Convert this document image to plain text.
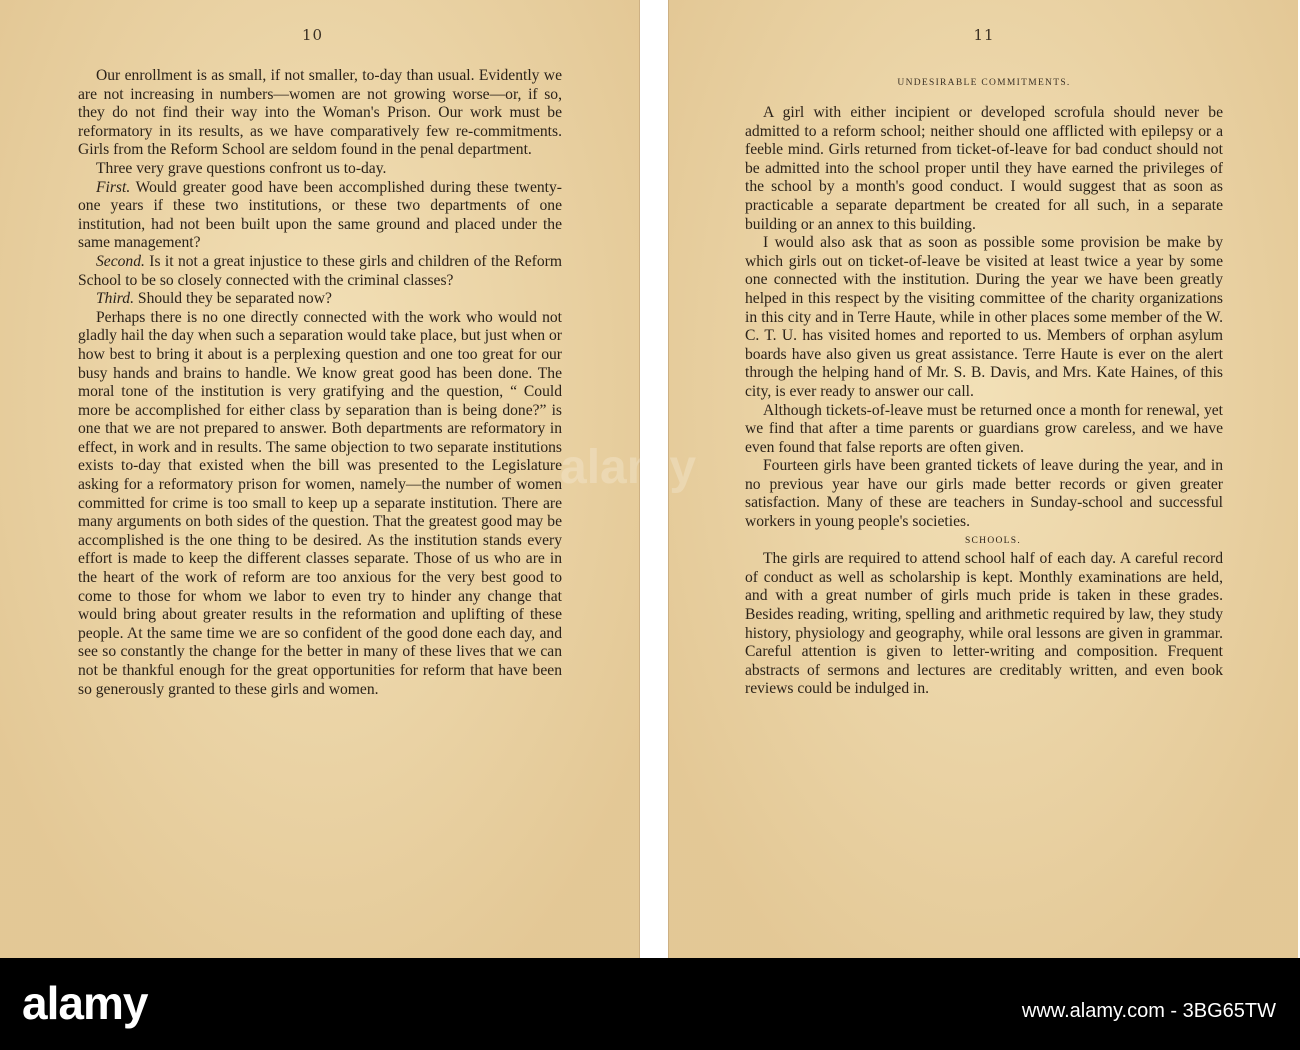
10

Our enrollment is as small, if not smaller, to-day than usual. Evidently we are not increasing in numbers—women are not growing worse—or, if so, they do not find their way into the Woman's Prison. Our work must be reformatory in its results, as we have comparatively few re-commitments. Girls from the Reform School are seldom found in the penal department.

Three very grave questions confront us to-day.

First. Would greater good have been accomplished during these twenty-one years if these two institutions, or these two departments of one institution, had not been built upon the same ground and placed under the same management?

Second. Is it not a great injustice to these girls and children of the Reform School to be so closely connected with the criminal classes?

Third. Should they be separated now?

Perhaps there is no one directly connected with the work who would not gladly hail the day when such a separation would take place, but just when or how best to bring it about is a perplexing question and one too great for our busy hands and brains to handle. We know great good has been done. The moral tone of the institution is very gratifying and the question, “ Could more be accomplished for either class by separation than is being done?” is one that we are not prepared to answer. Both departments are reformatory in effect, in work and in results. The same objection to two separate institutions exists to-day that existed when the bill was presented to the Legislature asking for a reformatory prison for women, namely—the number of women committed for crime is too small to keep up a separate institution. There are many arguments on both sides of the question. That the greatest good may be accomplished is the one thing to be desired. As the institution stands every effort is made to keep the different classes separate. Those of us who are in the heart of the work of reform are too anxious for the very best good to come to those for whom we labor to even try to hinder any change that would bring about greater results in the reformation and uplifting of these people. At the same time we are so confident of the good done each day, and see so constantly the change for the better in many of these lives that we can not be thankful enough for the great opportunities for reform that have been so generously granted to these girls and women.

11
UNDESIRABLE COMMITMENTS.

A girl with either incipient or developed scrofula should never be admitted to a reform school; neither should one afflicted with epilepsy or a feeble mind. Girls returned from ticket-of-leave for bad conduct should not be admitted into the school proper until they have earned the privileges of the school by a month's good conduct. I would suggest that as soon as practicable a separate department be created for all such, in a separate building or an annex to this building.

I would also ask that as soon as possible some provision be make by which girls out on ticket-of-leave be visited at least twice a year by some one connected with the institution. During the year we have been greatly helped in this respect by the visiting committee of the charity organizations in this city and in Terre Haute, while in other places some member of the W. C. T. U. has visited homes and reported to us. Members of orphan asylum boards have also given us great assistance. Terre Haute is ever on the alert through the helping hand of Mr. S. B. Davis, and Mrs. Kate Haines, of this city, is ever ready to answer our call.

Although tickets-of-leave must be returned once a month for renewal, yet we find that after a time parents or guardians grow careless, and we have even found that false reports are often given.

Fourteen girls have been granted tickets of leave during the year, and in no previous year have our girls made better records or given greater satisfaction. Many of these are teachers in Sunday-school and successful workers in young people's societies.

SCHOOLS.

The girls are required to attend school half of each day. A careful record of conduct as well as scholarship is kept. Monthly examinations are held, and with a great number of girls much pride is taken in these grades. Besides reading, writing, spelling and arithmetic required by law, they study history, physiology and geography, while oral lessons are given in grammar. Careful attention is given to letter-writing and composition. Frequent abstracts of sermons and lectures are creditably written, and even book reviews could be indulged in.

alamy
alamy	www.alamy.com - 3BG65TW
